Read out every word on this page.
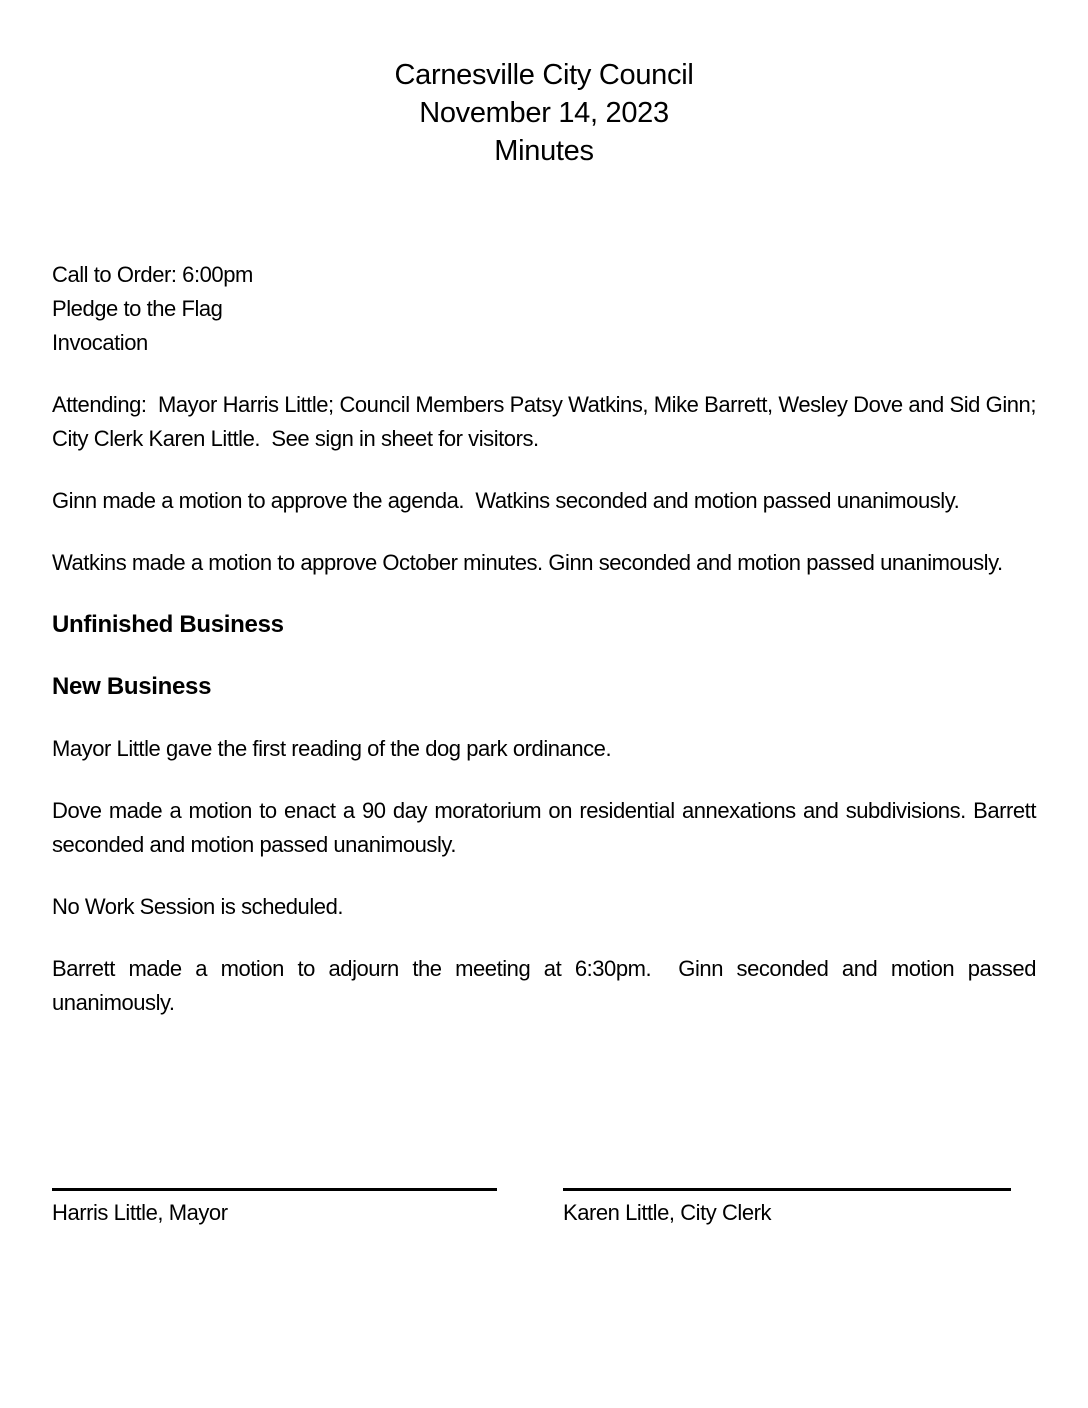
Carnesville City Council
November 14, 2023
Minutes
Call to Order: 6:00pm
Pledge to the Flag
Invocation

Attending:  Mayor Harris Little; Council Members Patsy Watkins, Mike Barrett, Wesley Dove and Sid Ginn; City Clerk Karen Little.  See sign in sheet for visitors.

Ginn made a motion to approve the agenda.  Watkins seconded and motion passed unanimously.

Watkins made a motion to approve October minutes. Ginn seconded and motion passed unanimously.

Unfinished Business
New Business

Mayor Little gave the first reading of the dog park ordinance.

Dove made a motion to enact a 90 day moratorium on residential annexations and subdivisions. Barrett seconded and motion passed unanimously.

No Work Session is scheduled.

Barrett made a motion to adjourn the meeting at 6:30pm.  Ginn seconded and motion passed unanimously.

Harris Little, Mayor	Karen Little, City Clerk
